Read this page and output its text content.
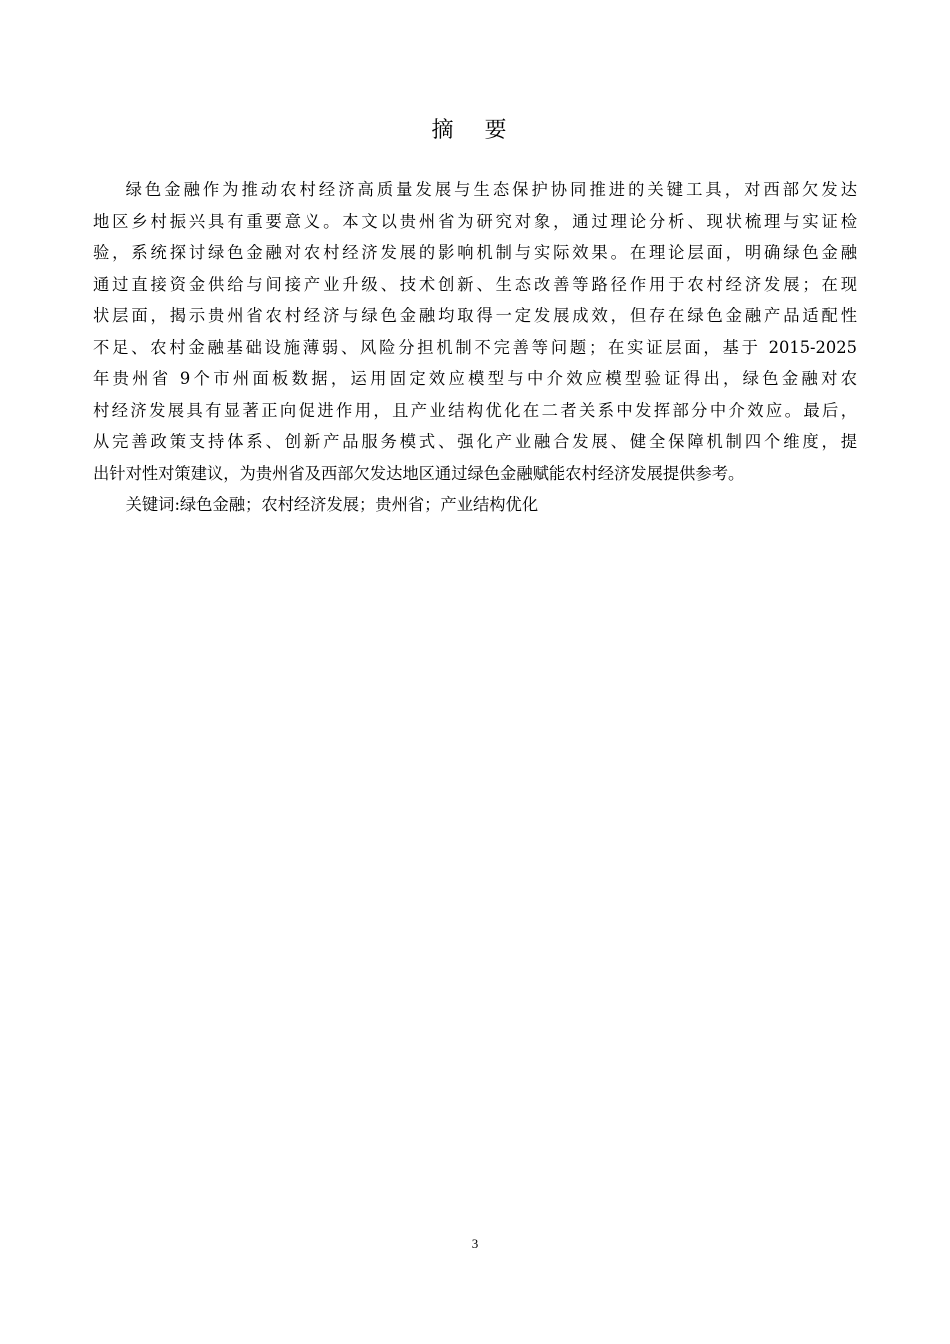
摘 要
绿色金融作为推动农村经济高质量发展与生态保护协同推进的关键工具，对西部欠发达
地区乡村振兴具有重要意义。本文以贵州省为研究对象，通过理论分析、现状梳理与实证检
验，系统探讨绿色金融对农村经济发展的影响机制与实际效果。在理论层面，明确绿色金融
通过直接资金供给与间接产业升级、技术创新、生态改善等路径作用于农村经济发展；在现
状层面，揭示贵州省农村经济与绿色金融均取得一定发展成效，但存在绿色金融产品适配性
不足、农村金融基础设施薄弱、风险分担机制不完善等问题；在实证层面，基于 2015-2025
年贵州省 9个市州面板数据，运用固定效应模型与中介效应模型验证得出，绿色金融对农
村经济发展具有显著正向促进作用，且产业结构优化在二者关系中发挥部分中介效应。最后，
从完善政策支持体系、创新产品服务模式、强化产业融合发展、健全保障机制四个维度，提
出针对性对策建议，为贵州省及西部欠发达地区通过绿色金融赋能农村经济发展提供参考。

关键词:绿色金融；农村经济发展；贵州省；产业结构优化

3
